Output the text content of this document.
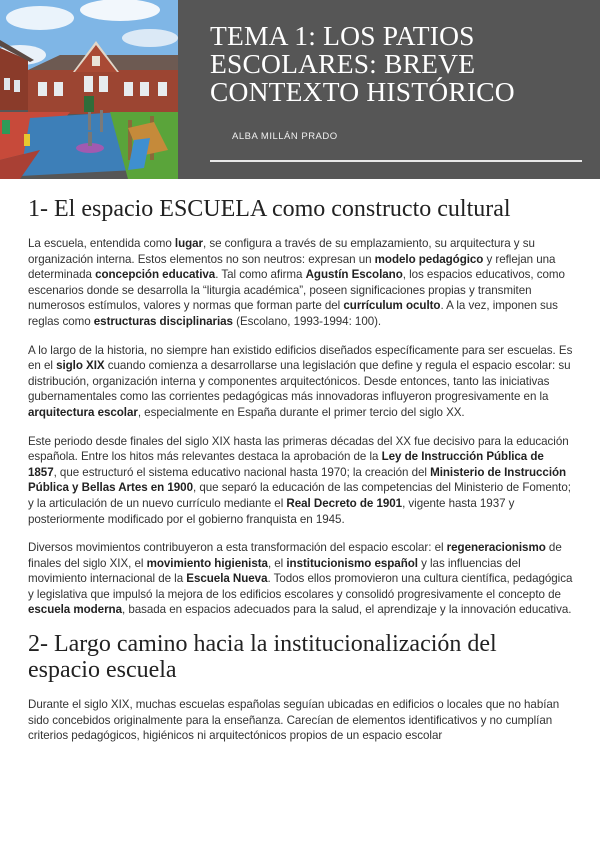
TEMA 1: LOS PATIOS ESCOLARES: BREVE CONTEXTO HISTÓRICO
ALBA MILLÁN PRADO
1- El espacio ESCUELA como constructo cultural

La escuela, entendida como lugar, se configura a través de su emplazamiento, su arquitectura y su organización interna. Estos elementos no son neutros: expresan un modelo pedagógico y reflejan una determinada concepción educativa. Tal como afirma Agustín Escolano, los espacios educativos, como escenarios donde se desarrolla la “liturgia académica”, poseen significaciones propias y transmiten numerosos estímulos, valores y normas que forman parte del currículum oculto. A la vez, imponen sus reglas como estructuras disciplinarias (Escolano, 1993-1994: 100).

A lo largo de la historia, no siempre han existido edificios diseñados específicamente para ser escuelas. Es en el siglo XIX cuando comienza a desarrollarse una legislación que define y regula el espacio escolar: su distribución, organización interna y componentes arquitectónicos. Desde entonces, tanto las iniciativas gubernamentales como las corrientes pedagógicas más innovadoras influyeron progresivamente en la arquitectura escolar, especialmente en España durante el primer tercio del siglo XX.

Este periodo desde finales del siglo XIX hasta las primeras décadas del XX fue decisivo para la educación española. Entre los hitos más relevantes destaca la aprobación de la Ley de Instrucción Pública de 1857, que estructuró el sistema educativo nacional hasta 1970; la creación del Ministerio de Instrucción Pública y Bellas Artes en 1900, que separó la educación de las competencias del Ministerio de Fomento; y la articulación de un nuevo currículo mediante el Real Decreto de 1901, vigente hasta 1937 y posteriormente modificado por el gobierno franquista en 1945.

Diversos movimientos contribuyeron a esta transformación del espacio escolar: el regeneracionismo de finales del siglo XIX, el movimiento higienista, el institucionismo español y las influencias del movimiento internacional de la Escuela Nueva. Todos ellos promovieron una cultura científica, pedagógica y legislativa que impulsó la mejora de los edificios escolares y consolidó progresivamente el concepto de escuela moderna, basada en espacios adecuados para la salud, el aprendizaje y la innovación educativa.

2- Largo camino hacia la institucionalización del espacio escuela

Durante el siglo XIX, muchas escuelas españolas seguían ubicadas en edificios o locales que no habían sido concebidos originalmente para la enseñanza. Carecían de elementos identificativos y no cumplían criterios pedagógicos, higiénicos ni arquitectónicos propios de un espacio escolar
